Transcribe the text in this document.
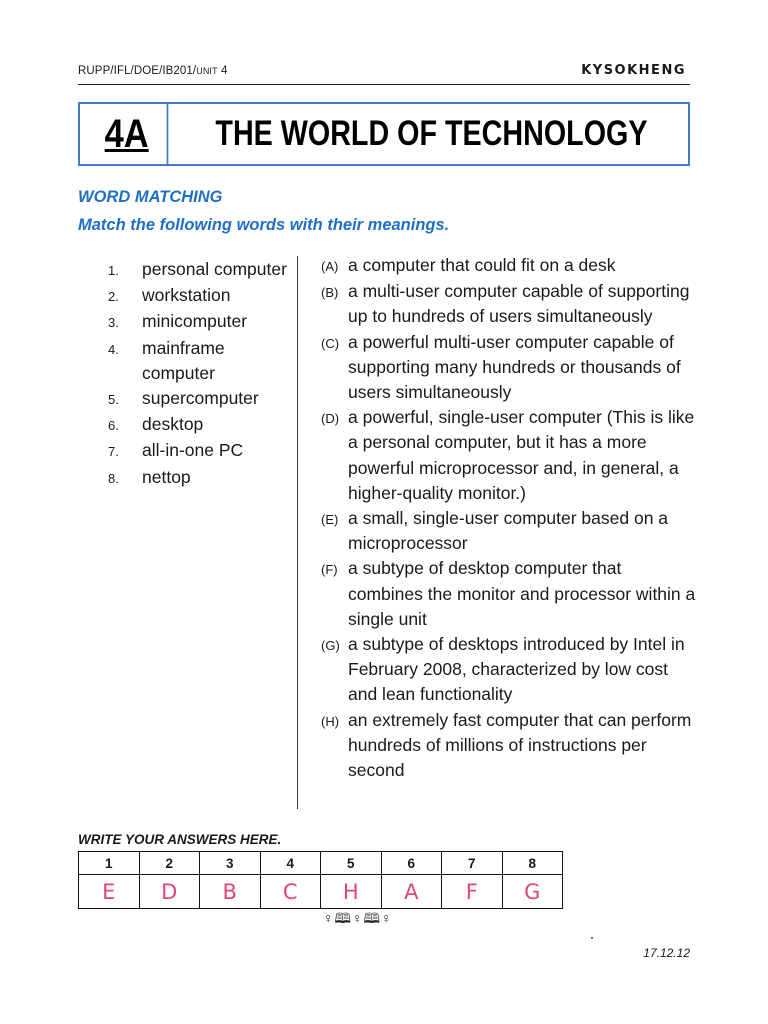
RUPP/IFL/DOE/IB201/UNIT 4	KYSOKHENG
4A	THE WORLD OF TECHNOLOGY
WORD MATCHING
Match the following words with their meanings.
1.	personal computer
2.	workstation
3.	minicomputer
4.	mainframe computer
5.	supercomputer
6.	desktop
7.	all-in-one PC
8.	nettop
(A) a computer that could fit on a desk
(B) a multi-user computer capable of supporting up to hundreds of users simultaneously
(C) a powerful multi-user computer capable of supporting many hundreds or thousands of users simultaneously
(D) a powerful, single-user computer (This is like a personal computer, but it has a more powerful microprocessor and, in general, a higher-quality monitor.)
(E) a small, single-user computer based on a microprocessor
(F) a subtype of desktop computer that combines the monitor and processor within a single unit
(G) a subtype of desktops introduced by Intel in February 2008, characterized by low cost and lean functionality
(H) an extremely fast computer that can perform hundreds of millions of instructions per second
WRITE YOUR ANSWERS HERE.
1	2	3	4	5	6	7	8
E	D	B	C	H	A	F	G
♀🕮♀🕮♀
17.12.12
